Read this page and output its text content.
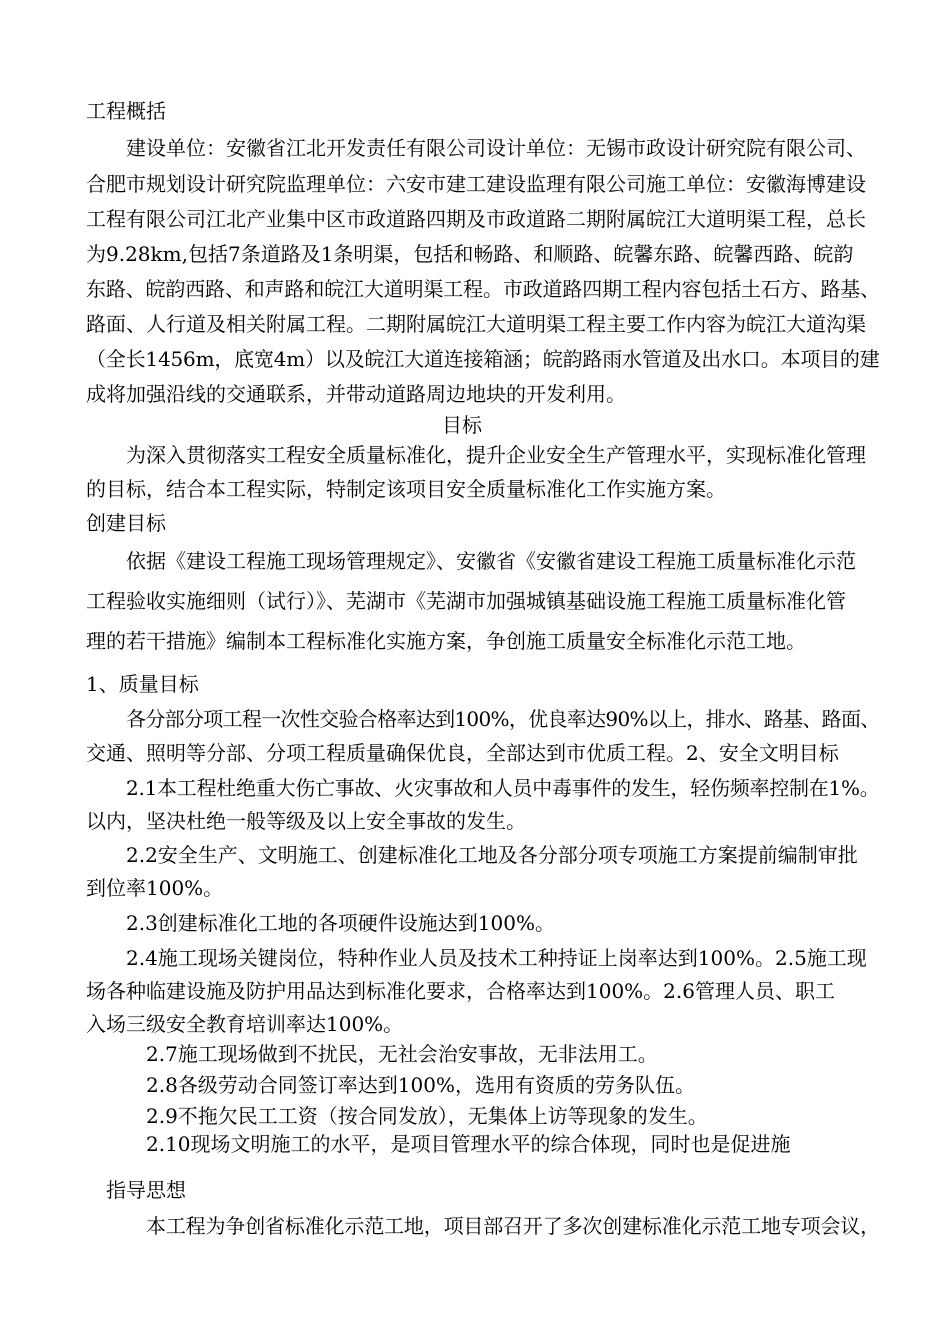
工程概括
建设单位：安徽省江北开发责任有限公司设计单位：无锡市政设计研究院有限公司、
合肥市规划设计研究院监理单位：六安市建工建设监理有限公司施工单位：安徽海博建设
工程有限公司江北产业集中区市政道路四期及市政道路二期附属皖江大道明渠工程，总长
为9.28km,包括7条道路及1条明渠，包括和畅路、和顺路、皖馨东路、皖馨西路、皖韵
东路、皖韵西路、和声路和皖江大道明渠工程。市政道路四期工程内容包括土石方、路基、
路面、人行道及相关附属工程。二期附属皖江大道明渠工程主要工作内容为皖江大道沟渠
（全长1456m，底宽4m）以及皖江大道连接箱涵；皖韵路雨水管道及出水口。本项目的建
成将加强沿线的交通联系，并带动道路周边地块的开发利用。
目标
为深入贯彻落实工程安全质量标准化，提升企业安全生产管理水平，实现标准化管理
的目标，结合本工程实际，特制定该项目安全质量标准化工作实施方案。
创建目标
依据《建设工程施工现场管理规定》、安徽省《安徽省建设工程施工质量标准化示范
工程验收实施细则（试行）》、芜湖市《芜湖市加强城镇基础设施工程施工质量标准化管
理的若干措施》编制本工程标准化实施方案，争创施工质量安全标准化示范工地。
1、质量目标
各分部分项工程一次性交验合格率达到100%，优良率达90%以上，排水、路基、路面、
交通、照明等分部、分项工程质量确保优良，全部达到市优质工程。2、安全文明目标
2.1本工程杜绝重大伤亡事故、火灾事故和人员中毒事件的发生，轻伤频率控制在1%。
以内，坚决杜绝一般等级及以上安全事故的发生。
2.2安全生产、文明施工、创建标准化工地及各分部分项专项施工方案提前编制审批
到位率100%。
2.3创建标准化工地的各项硬件设施达到100%。
2.4施工现场关键岗位，特种作业人员及技术工种持证上岗率达到100%。2.5施工现
场各种临建设施及防护用品达到标准化要求，合格率达到100%。2.6管理人员、职工
入场三级安全教育培训率达100%。
2.7施工现场做到不扰民，无社会治安事故，无非法用工。
2.8各级劳动合同签订率达到100%，选用有资质的劳务队伍。
2.9不拖欠民工工资（按合同发放），无集体上访等现象的发生。
2.10现场文明施工的水平，是项目管理水平的综合体现，同时也是促进施
指导思想
本工程为争创省标准化示范工地，项目部召开了多次创建标准化示范工地专项会议，
